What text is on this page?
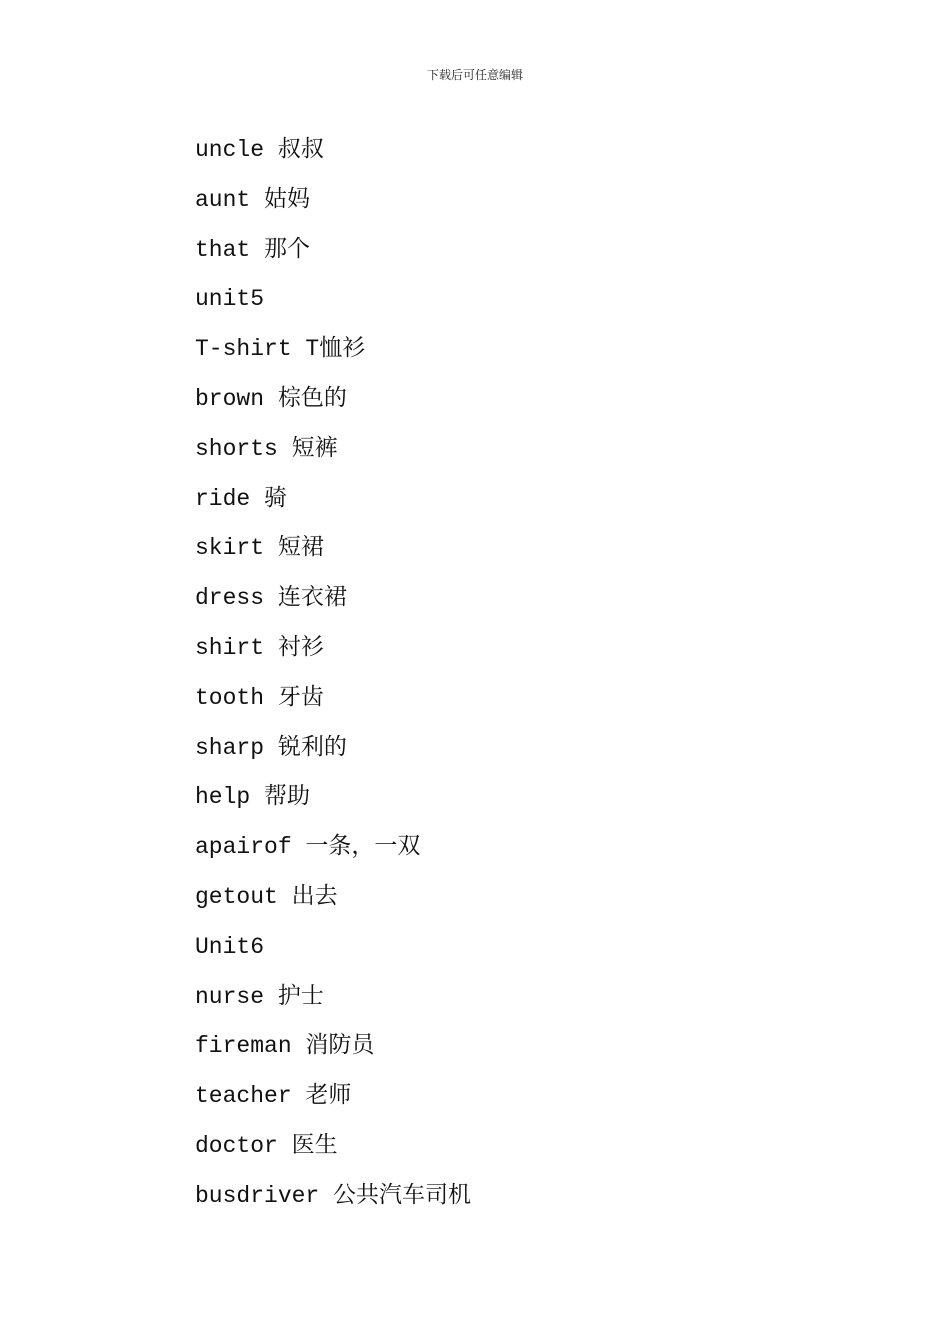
下载后可任意编辑
uncle 叔叔
aunt 姑妈
that 那个
unit5
T-shirt T恤衫
brown 棕色的
shorts 短裤
ride 骑
skirt 短裙
dress 连衣裙
shirt 衬衫
tooth 牙齿
sharp 锐利的
help 帮助
apairof 一条，一双
getout 出去
Unit6
nurse 护士
fireman 消防员
teacher 老师
doctor 医生
busdriver 公共汽车司机
